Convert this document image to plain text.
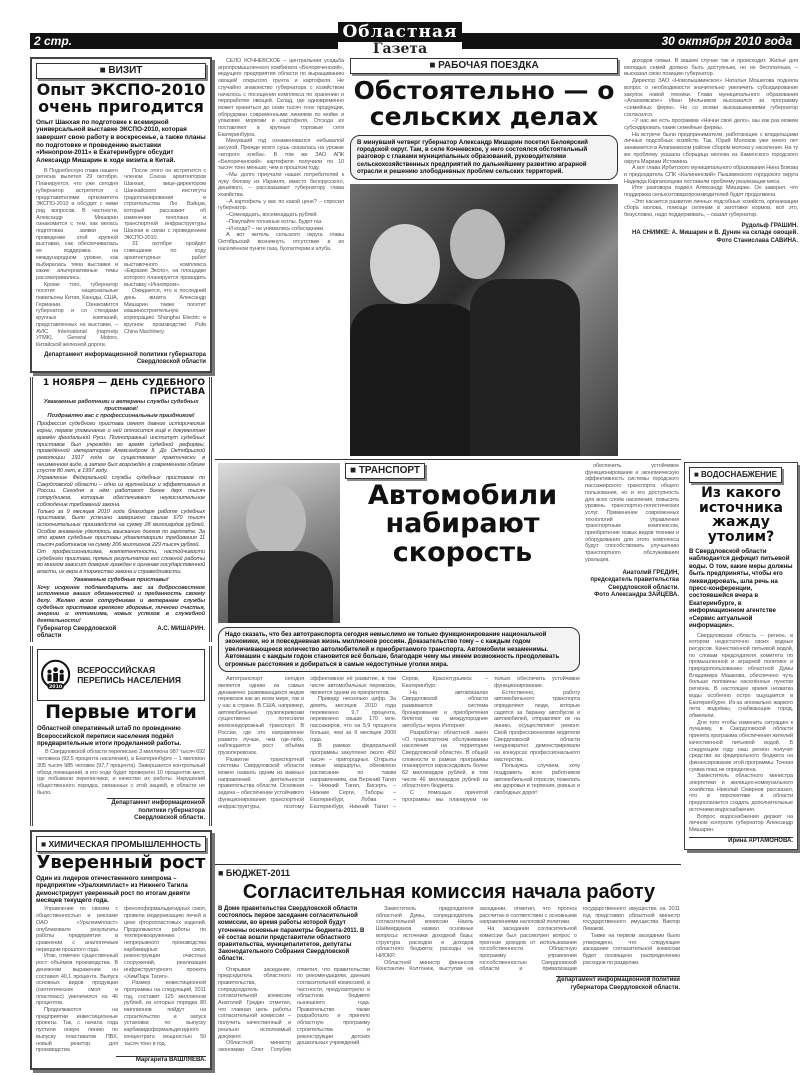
2 стр.	30 октября 2010 года
Областная
Газета
■ ВИЗИТ
Опыт ЭКСПО-2010 очень пригодится
Опыт Шанхая по подготовке к всемирной универсальной выставке ЭКСПО-2010, которая завершит свою работу в воскресенье, а также планы по подготовке и проведению выставки «Иннопром-2011» в Екатеринбурге обсудит Александр Мишарин в ходе визита в Китай.

В Поднебесную глава нашего региона вылетел 29 октября. Планируется, что уже сегодня губернатор встретится с представителями оргкомитета ЭКСПО-2010 и обсудит с ними ряд вопросов. В частности, Александр Мишарин ознакомится с тем, как велась подготовка заявки на проведение этой крупной выставки, как обеспечивалась ее поддержка на международном уровне, как выбиралась тема выставки и какие альтернативные темы рассматривались.

Кроме того, губернатор посетит национальные павильоны Китая, Канады, США, Германии. Ознакомится губернатор и со стендами крупных компаний, представленных на выставке, – AVIC International (партнёр УГМК), General Motors, Китайской железной дороги.

После этого он встретится с членом Союза архитекторов Шанхая, вице-директором Шанхайского института градопланирования и строительства Лю Вэйцзи, который расскажет об изменении генплана и транспортной инфраструктуры Шанхая в связи с проведением ЭКСПО-2010.

31 октября пройдёт совещание по коду архитектурных работ выставочного комплекса «Евразия Экспо», на площадке которого планируется проводить выставку «Иннопром».

Ожидается, что в последний день визита Александр Мишарин также посетит машиностроительную корпорацию Shanghai Electric и крупное производство Pufa China Machinery.

Департамент информационной политики губернатора Свердловской области
1 НОЯБРЯ — ДЕНЬ СУДЕБНОГО ПРИСТАВА
Уважаемые работники и ветераны службы судебных приставов!
Поздравляю вас с профессиональным праздником!

Профессия судебного пристава имеет давние исторические корни, первое упоминание о ней относится ещё к документам времён феодальной Руси. Полноправный институт судебных приставов был учреждён во время судебной реформы, проведённой императором Александром II. До Октябрьской революции 1917 года он существовал практически в неизменном виде, а затем был возрождён в современном облике спустя 80 лет, в 1997 году.

Управление Федеральной службы судебных приставов по Свердловской области – одно из крупнейших и эффективных в России. Сегодня в нём работают более двух тысяч сотрудников, которые обеспечивают неукоснительное соблюдение требований закона.

Только за 9 месяцев 2010 года благодаря работе судебных приставов, было успешно завершено свыше 670 тысяч исполнительных производств на сумму 28 миллиардов рублей. Особое внимание уделялось взысканию долгов по зарплате. За это время судебные приставы удовлетворили требования 11 тысяч работников на сумму 206 миллионов 229 тысяч рублей.

От профессионализма, компетентности, настойчивости судебного пристава, прямых результатов его сложной работы во многом зависит доверие граждан к органам государственной власти, их вера в торжество закона и справедливости.

Уважаемые судебные приставы!
Хочу искренне поблагодарить вас за добросовестное исполнение ваших обязанностей и преданность своему делу. Желаю всем сотрудникам и ветеранам службы судебных приставов крепкого здоровья, личного счастья, энергии и оптимизма, новых успехов в служебной деятельности!
Губернатор Свердловской области
А.С. МИШАРИН.
2010
ВСЕРОССИЙСКАЯ ПЕРЕПИСЬ НАСЕЛЕНИЯ
Первые итоги
Областной оперативный штаб по проведению Всероссийской переписи населения подвёл предварительные итоги проделанной работы.

В Свердловской области переписано 3 миллиона 987 тысяч 692 человека (92,5 процента населения), в Екатеринбурге – 1 миллион 305 тысяч 985 человек (97,7 процента). Завершается контрольный обход помещений, в его ходе будет проверено 10 процентов мест, где побывали переписчики, и качество их работы. Нарушений общественного порядка, связанных с этой акцией, в области не было.

Департамент информационной политики губернатора Свердловской области.
■ ХИМИЧЕСКАЯ ПРОМЫШЛЕННОСТЬ
Уверенный рост
Один из лидеров отечественного химпрома – предприятие «Уралхимпласт» из Нижнего Тагила демонстрирует уверенный рост по итогам девяти месяцев текущего года.

Управление по связям с общественностью и рекламе ОАО «Уралхимпласт» опубликовало результаты работы предприятия в сравнении с аналогичным периодом прошлого года.

Итак, отмечен существенный рост объёмов производства. В денежном выражении он составил 40,1 процента. Выпуск основных видов продукции (синтетических смол и пластмасс) увеличился на 46 процентов.

Продолжаются на предприятии инвестиционные проекты. Так, с начала года пустили новую линию по выпуску пластикатов ПВХ, новый реактор для производства фенолоформальдегидных смол, провели модернизацию печей в цехе фторопластовых изделий. Продолжаются работы по техперевооружению непрерывного производства карбамидных смол, реконструкции очистных сооружений, реализация инфраструктурного проекта «ХимПарк Тагил».

Размер инвестиционной программы на следующий, 2011 год, составит 125 миллионов рублей, из которых порядка 80 миллионов пойдут на строительство и запуск установки по выпуску карбамидоформальдегидного концентрата мощностью 50 тысяч тонн в год.

Маргарита ВАШЛЯЕВА.

СЕЛО КОЧНЕВСКОЕ – центральная усадьба агропромышленного комбината «Белореченский», ведущего предприятия области по выращиванию овощей открытого грунта и картофеля. Не случайно знакомство губернатора с хозяйством началось с посещения комплекса по хранению и переработке овощей. Склад, где одновременно может храниться до семи тысяч тонн продукции, оборудован современными линиями по мойке и упаковке моркови и картофеля. Отсюда их поставляют в крупные торговые сети Екатеринбурга.

Минувший год ознаменовался небывалой засухой. Прежде всего сушь сказалась на урожае «второго хлеба». В том же ЗАО АПК «Белореченский» картофеля получили по 10 тысяч тонн меньше, чем в прошлом году.

–Мы долго приучали наших потребителей к луку белому из Израиля, вместо белорусского, дешёвого, – рассказывает губернатору глава хозяйства.

–А картофель у вас по какой цене? – спросил губернатор.

–Семнадцать, восемнадцать рублей.

–Покупайте головные котлы. Будет газ.

–И когда? – не унимались собеседники.

А вот житель сельского округа главы Октябрьский возникнуть отсутствие в их населённом пункте газа, бухгалтерии и клуба.

■ РАБОЧАЯ ПОЕЗДКА
Обстоятельно — о сельских делах
В минувший четверг губернатор Александр Мишарин посетил Белоярский городской округ. Там, в селе Кочневское, у него состоялся обстоятельный разговор с главами муниципальных образований, руководителями сельскохозяйственных предприятий по дальнейшему развитию аграрной отрасли и решению злободневных проблем сельских территорий.

доходов семьи. В вашем случае так и происходит. Жильё для молодых семей должно быть доступным, но не бесплатным, – высказал свою позицию губернатор.

Директор ЗАО «Новопышминское» Наталья Мошегова подняла вопрос о необходимости значительно увеличить субсидирование закупок новой техники. Глава муниципального образования «Алапаевское» Иван Мельников высказался за программу «семейных ферм». Не со всеми высказываниями губернатор согласился.

–У нас же есть программа «Начни своё дело», мы как раз можем субсидировать такие семейные фермы.

На встрече были предприниматели, работающие с владельцами личных подсобных хозяйств. Так, Юрий Молоков уже много лет занимается в Алапаевском районе сбором молока у населения. На ту же проблему указала сборщица молока из Каменского городского округа Мариам Истомина.

А вот глава Ирбитского муниципального образования Нина Бокова и председатель СПК «Калининский» Пышминского городского округа Надежда Каргаполцева поставили проблему реализации мяса.

Итог разговора подвёл Александр Мишарин. Он заверил, что поддержка сельхозтоваропроизводителей будет продолжена.

–Это касается развития личных подсобных хозяйств, организации сбора молока, помощи селянам в заготовке кормов, всё это, безусловно, надо поддерживать, – сказал губернатор.

Рудольф ГРАШИН.
НА СНИМКЕ: А. Мишарин и В. Дунин на складе овощей.
Фото Станислава САВИНА.
■ ТРАНСПОРТ
Автомобили набирают скорость
Надо сказать, что без автотранспорта сегодня немыслимо не только функционирование национальной экономики, но и повседневная жизнь миллионов россиян. Доказательство тому – с каждым годом увеличивающееся количество автолюбителей и приобретаемого транспорта. Автомобили незаменимы. Автомашин с каждым годом становится всё больше, благодаря чему мы имеем возможность преодолевать огромные расстояния и добираться в самые недоступные уголки мира.

Автотранспорт сегодня является одним из самых динамично развивающихся видов перевозок как во всем мире, так и у нас в стране. В США, например, автомобильные грузоперевозки существенно потеснили железнодорожный транспорт. В России, где это направление развито лучше, чем где-либо, наблюдается рост объёма грузоперевозок.

Развитие транспортной системы Свердловской области можно назвать одним из важных направлений деятельности правительства области. Основная задача – обеспечение устойчивого функционирования транспортной инфраструктуры, поэтому эффективное её развитие, в том числе автомобильных перевозок, является одним из приоритетов.

Приведу несколько цифр. За девять месяцев 2010 года перевезено 9,7 процента, перевезено свыше 170 млн. пассажиров, что на 5,9 процента больше, чем за 9 месяцев 2009 года.

В рамках федеральной программы закуплено около 450 тысяч – пригородных. Открыты новые маршруты, обновлено расписание по таким направлениям, как Верхний Тагил – Нижний Тагил, Бисерть – Нижние Серги, Таборы – Екатеринбург, Лобва – Екатеринбург, Нижний Тагил – Серов, Краснотурьинск – Екатеринбург.

На автовокзалах Свердловской области развивается система бронирования и приобретения билетов на междугородние автобусы через Интернет.

Разработан областной закон «О транспортном обслуживании населения на территории Свердловской области». В общей сложности в рамках программы планируется израсходовать более 62 миллиардов рублей, в том числе 46 миллиардов рублей из областного бюджета.

С помощью принятой программы мы планируем не только обеспечить устойчивое функционирование.

Естественно, работу автомобильного транспорта определяют люди, которые садятся за баранку автобусов и автомобилей, отправляют их на линию, осуществляют ремонт. Свой профессионализм водители Свердловской области неоднократно демонстрировали на конкурсах профессионального мастерства.

Пользуясь случаем, хочу поздравить всех работников автомобильной отрасли, пожелать им здоровья и терпения, ровных и свободных дорог!

обеспечить устойчивое функционирование и экономическую эффективность системы городского пассажирского транспорта общего пользования, но и его доступность для всех слоёв населения, повысить уровень транспортно-логистических услуг. Применение современных технологий управления транспортным комплексом, приобретение новых видов техники и оборудования для этого комплекса будут способствовать улучшению транспортного обслуживания уральцев.

Анатолий ГРЕДИН,
председатель правительства Свердловской области.
Фото Александра ЗАЙЦЕВА.
■ ВОДОСНАБЖЕНИЕ
Из какого источника жажду утолим?
В Свердловской области наблюдается дефицит питьевой воды. О том, какие меры должны быть предприняты, чтобы его ликвидировать, шла речь на пресс-конференции, состоявшейся вчера в Екатеринбурге, в информационном агентстве «Сервис актуальной информации».

Свердловская область – регион, в котором недостаточно своих водных ресурсов. Качественной питьевой водой, по словам председателя комитета по промышленной и аграрной политике и природопользованию областной Думы Владимира Машкова, обеспечено чуть больше половины населённых пунктов региона. В настоящее время нехватка воды особенно остро ощущается в Екатеринбурге. Из-за аномально жаркого лета водоёмы, снабжающие город, обмелели.

Для того чтобы изменить ситуацию к лучшему, в Свердловской области принята программа обеспечения жителей качественной питьевой водой. В следующем году наш регион получит средства из федерального бюджета на финансирование этой программы. Точная сумма пока не определена.

Заместитель областного министра энергетики и жилищно-коммунального хозяйства Николай Смирнов рассказал, что в перспективе в области предполагается создать дополнительные источники водоснабжения.

Вопрос водоснабжения держит на личном контроле губернатор Александр Мишарин.

Ирина АРТАМОНОВА.
■ БЮДЖЕТ-2011
Согласительная комиссия начала работу
В Доме правительства Свердловской области состоялось первое заседание согласительной комиссии, во время работы которой будут уточнены основные параметры бюджета-2011. В её состав вошли представители областного правительства, муниципалитетов, депутаты Законодательного Собрания Свердловской области.

Открывая заседание, председатель областного правительства, сопредседатель согласительной комиссии Анатолий Гредин отметил, что главная цель работы согласительной комиссии – получить качественный и реально исполнимый документ.

Областной министр экономики Олег Голубев отметил, что правительство по рекомендациям, данным согласительной комиссией, в частности, предусмотрело в областном бюджете нынешнего года. Правительство также разработало и приняло областную программу строительства и реконструкции детских дошкольных учреждений.

Заместитель председателя областной Думы, сопредседатель согласительной комиссии Наиль Шаймарданов назвал основные вопросы: источники доходной базы; структура расходов и доходов областного бюджета; расходы на НИОКР.

Областной министр финансов Константин Колтонюк, выступая на заседании, отметил, что прогноз рассчитан в соответствии с основными направлениями налоговой политики.

На заседании согласительной комиссии был рассмотрен вопрос о прогнозе доходов от использования госсобственности. Областную программу управления госсобственностью Свердловской области и приватизации государственного имущества на 2011 год представил областной министр государственного имущества Виктор Леваков.

Также на первом заседании было утверждено, что следующее заседание согласительной комиссии будет посвящено распределению расходов по разделам.

Департамент информационной политики губернатора Свердловской области.
